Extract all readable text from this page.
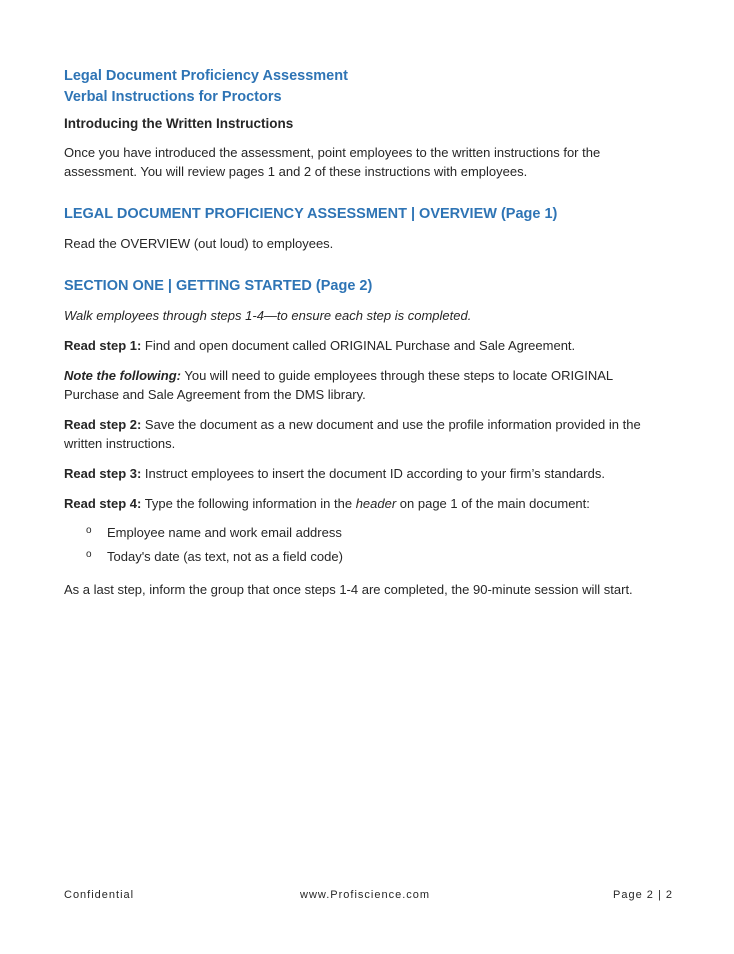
Legal Document Proficiency Assessment
Verbal Instructions for Proctors
Introducing the Written Instructions

Once you have introduced the assessment, point employees to the written instructions for the assessment. You will review pages 1 and 2 of these instructions with employees.

LEGAL DOCUMENT PROFICIENCY ASSESSMENT | OVERVIEW (Page 1)

Read the OVERVIEW (out loud) to employees.

SECTION ONE | GETTING STARTED (Page 2)

Walk employees through steps 1-4—to ensure each step is completed.

Read step 1: Find and open document called ORIGINAL Purchase and Sale Agreement.

Note the following: You will need to guide employees through these steps to locate ORIGINAL Purchase and Sale Agreement from the DMS library.

Read step 2: Save the document as a new document and use the profile information provided in the written instructions.

Read step 3: Instruct employees to insert the document ID according to your firm’s standards.

Read step 4: Type the following information in the header on page 1 of the main document:

o Employee name and work email address
o Today's date (as text, not as a field code)

As a last step, inform the group that once steps 1-4 are completed, the 90-minute session will start.

Confidential	www.Profiscience.com	Page 2 | 2
